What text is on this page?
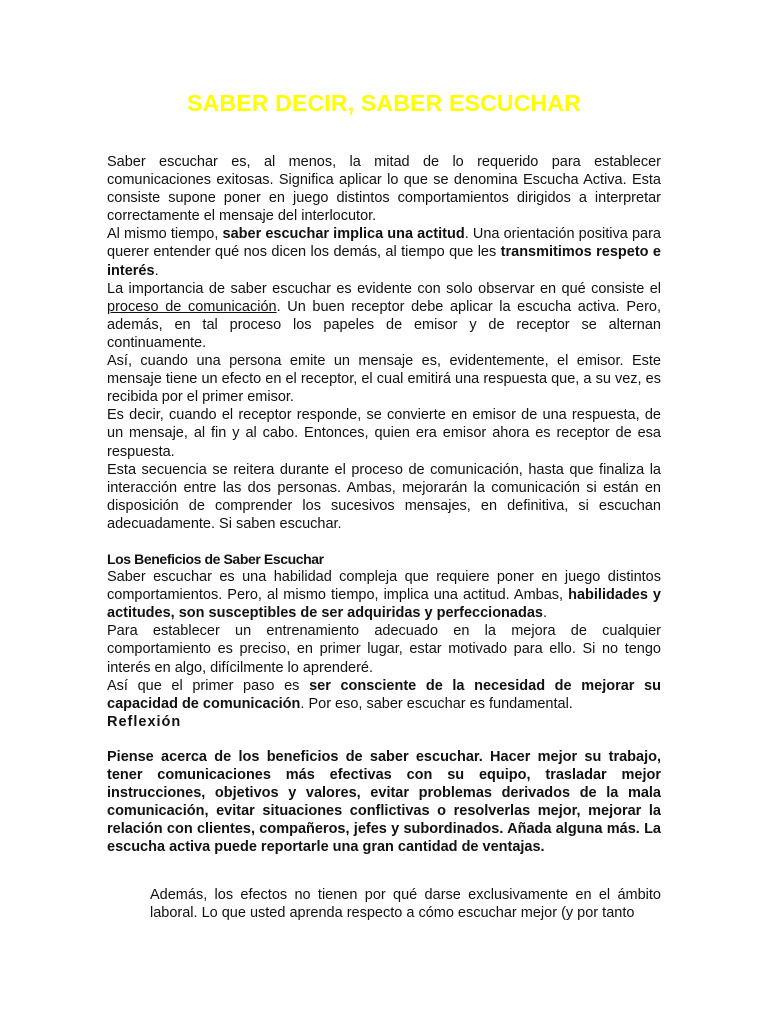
SABER DECIR, SABER ESCUCHAR

Saber escuchar es, al menos, la mitad de lo requerido para establecer comunicaciones exitosas. Significa aplicar lo que se denomina Escucha Activa. Esta consiste supone poner en juego distintos comportamientos dirigidos a interpretar correctamente el mensaje del interlocutor.

Al mismo tiempo, saber escuchar implica una actitud. Una orientación positiva para querer entender qué nos dicen los demás, al tiempo que les transmitimos respeto e interés.

La importancia de saber escuchar es evidente con solo observar en qué consiste el proceso de comunicación. Un buen receptor debe aplicar la escucha activa. Pero, además, en tal proceso los papeles de emisor y de receptor se alternan continuamente.

Así, cuando una persona emite un mensaje es, evidentemente, el emisor. Este mensaje tiene un efecto en el receptor, el cual emitirá una respuesta que, a su vez, es recibida por el primer emisor.

Es decir, cuando el receptor responde, se convierte en emisor de una respuesta, de un mensaje, al fin y al cabo. Entonces, quien era emisor ahora es receptor de esa respuesta.

Esta secuencia se reitera durante el proceso de comunicación, hasta que finaliza la interacción entre las dos personas. Ambas, mejorarán la comunicación si están en disposición de comprender los sucesivos mensajes, en definitiva, si escuchan adecuadamente. Si saben escuchar.

Los Beneficios de Saber Escuchar

Saber escuchar es una habilidad compleja que requiere poner en juego distintos comportamientos. Pero, al mismo tiempo, implica una actitud. Ambas, habilidades y actitudes, son susceptibles de ser adquiridas y perfeccionadas.

Para establecer un entrenamiento adecuado en la mejora de cualquier comportamiento es preciso, en primer lugar, estar motivado para ello. Si no tengo interés en algo, difícilmente lo aprenderé.

Así que el primer paso es ser consciente de la necesidad de mejorar su capacidad de comunicación. Por eso, saber escuchar es fundamental.

Reflexión

Piense acerca de los beneficios de saber escuchar. Hacer mejor su trabajo, tener comunicaciones más efectivas con su equipo, trasladar mejor instrucciones, objetivos y valores, evitar problemas derivados de la mala comunicación, evitar situaciones conflictivas o resolverlas mejor, mejorar la relación con clientes, compañeros, jefes y subordinados. Añada alguna más. La escucha activa puede reportarle una gran cantidad de ventajas.

Además, los efectos no tienen por qué darse exclusivamente en el ámbito laboral. Lo que usted aprenda respecto a cómo escuchar mejor (y por tanto
